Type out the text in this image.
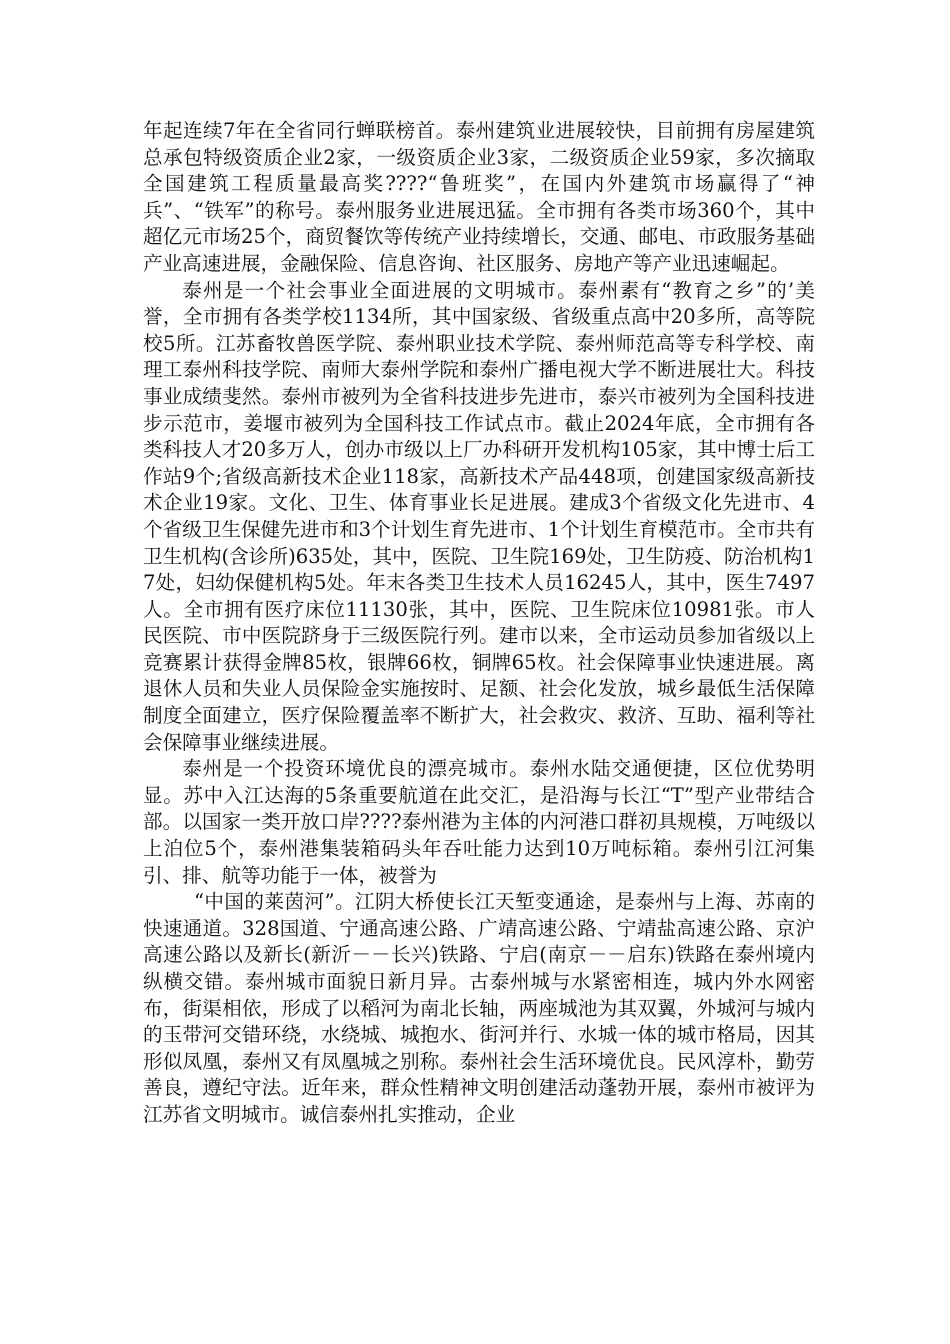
年起连续7年在全省同行蝉联榜首。泰州建筑业进展较快，目前拥有房屋建筑总承包特级资质企业2家，一级资质企业3家，二级资质企业59家，多次摘取全国建筑工程质量最高奖????“鲁班奖”，在国内外建筑市场赢得了“神兵”、“铁军”的称号。泰州服务业进展迅猛。全市拥有各类市场360个，其中超亿元市场25个，商贸餐饮等传统产业持续增长，交通、邮电、市政服务基础产业高速进展，金融保险、信息咨询、社区服务、房地产等产业迅速崛起。

泰州是一个社会事业全面进展的文明城市。泰州素有“教育之乡”的’美誉，全市拥有各类学校1134所，其中国家级、省级重点高中20多所，高等院校5所。江苏畜牧兽医学院、泰州职业技术学院、泰州师范高等专科学校、南理工泰州科技学院、南师大泰州学院和泰州广播电视大学不断进展壮大。科技事业成绩斐然。泰州市被列为全省科技进步先进市，泰兴市被列为全国科技进步示范市，姜堰市被列为全国科技工作试点市。截止2024年底，全市拥有各类科技人才20多万人，创办市级以上厂办科研开发机构105家，其中博士后工作站9个;省级高新技术企业118家，高新技术产品448项，创建国家级高新技术企业19家。文化、卫生、体育事业长足进展。建成3个省级文化先进市、4个省级卫生保健先进市和3个计划生育先进市、1个计划生育模范市。全市共有卫生机构(含诊所)635处，其中，医院、卫生院169处，卫生防疫、防治机构17处，妇幼保健机构5处。年末各类卫生技术人员16245人，其中，医生7497人。全市拥有医疗床位11130张，其中，医院、卫生院床位10981张。市人民医院、市中医院跻身于三级医院行列。建市以来，全市运动员参加省级以上竞赛累计获得金牌85枚，银牌66枚，铜牌65枚。社会保障事业快速进展。离退休人员和失业人员保险金实施按时、足额、社会化发放，城乡最低生活保障制度全面建立，医疗保险覆盖率不断扩大，社会救灾、救济、互助、福利等社会保障事业继续进展。

泰州是一个投资环境优良的漂亮城市。泰州水陆交通便捷，区位优势明显。苏中入江达海的5条重要航道在此交汇，是沿海与长江“T”型产业带结合部。以国家一类开放口岸????泰州港为主体的内河港口群初具规模，万吨级以上泊位5个，泰州港集装箱码头年吞吐能力达到10万吨标箱。泰州引江河集引、排、航等功能于一体，被誉为

“中国的莱茵河”。江阴大桥使长江天堑变通途，是泰州与上海、苏南的快速通道。328国道、宁通高速公路、广靖高速公路、宁靖盐高速公路、京沪高速公路以及新长(新沂－－长兴)铁路、宁启(南京－－启东)铁路在泰州境内纵横交错。泰州城市面貌日新月异。古泰州城与水紧密相连，城内外水网密布，街渠相依，形成了以稻河为南北长轴，两座城池为其双翼，外城河与城内的玉带河交错环绕，水绕城、城抱水、街河并行、水城一体的城市格局，因其形似凤凰，泰州又有凤凰城之别称。泰州社会生活环境优良。民风淳朴，勤劳善良，遵纪守法。近年来，群众性精神文明创建活动蓬勃开展，泰州市被评为江苏省文明城市。诚信泰州扎实推动，企业
